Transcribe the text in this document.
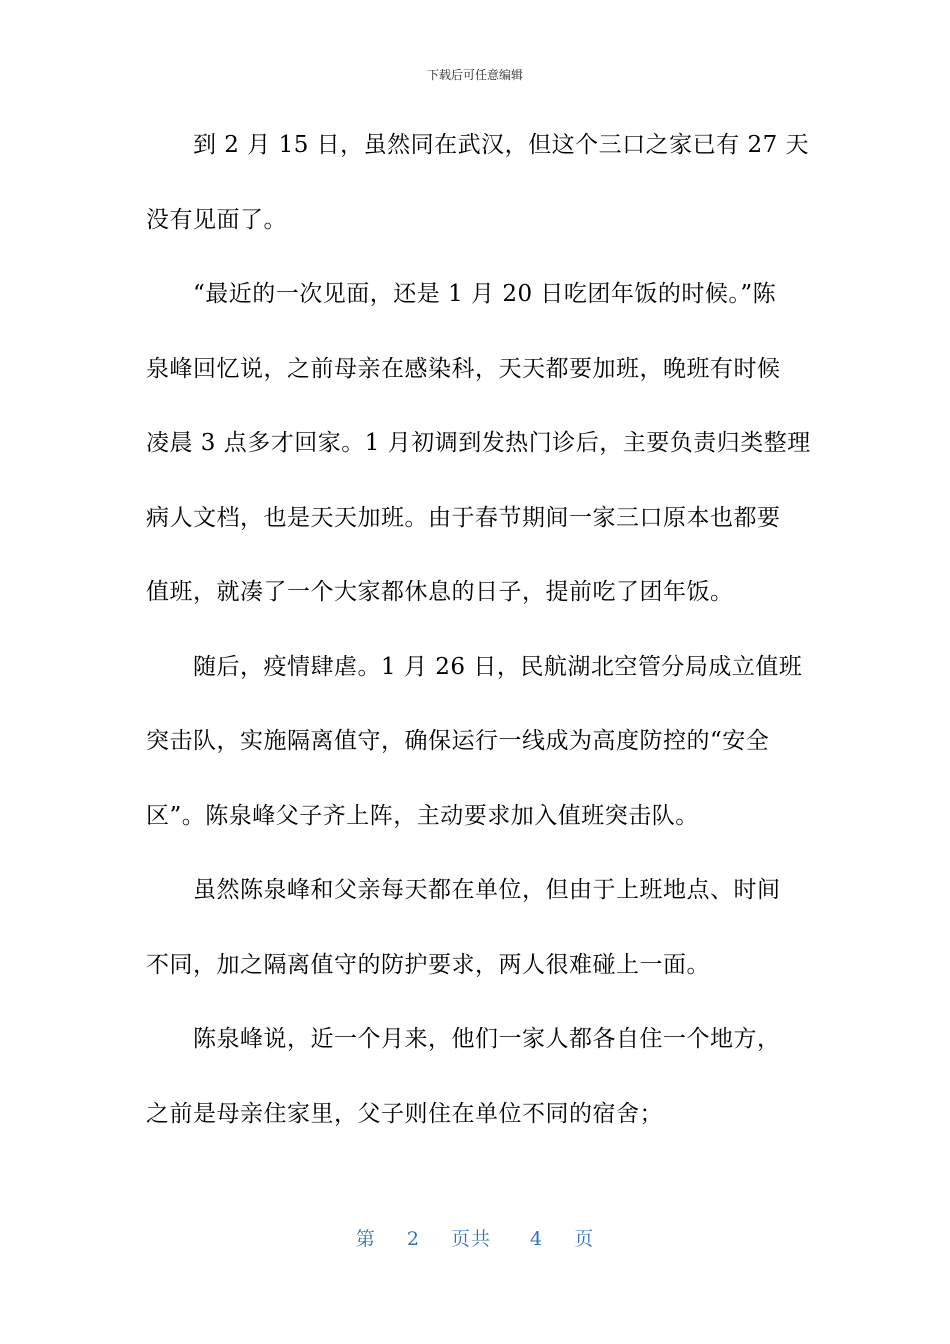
下载后可任意编辑
到 2 月 15 日，虽然同在武汉，但这个三口之家已有 27 天
没有见面了。
“最近的一次见面，还是 1 月 20 日吃团年饭的时候。”陈
泉峰回忆说，之前母亲在感染科，天天都要加班，晚班有时候
凌晨 3 点多才回家。1 月初调到发热门诊后，主要负责归类整理
病人文档，也是天天加班。由于春节期间一家三口原本也都要
值班，就凑了一个大家都休息的日子，提前吃了团年饭。
随后，疫情肆虐。1 月 26 日，民航湖北空管分局成立值班
突击队，实施隔离值守，确保运行一线成为高度防控的“安全
区”。陈泉峰父子齐上阵，主动要求加入值班突击队。
虽然陈泉峰和父亲每天都在单位，但由于上班地点、时间
不同，加之隔离值守的防护要求，两人很难碰上一面。
陈泉峰说，近一个月来，他们一家人都各自住一个地方，
之前是母亲住家里，父子则住在单位不同的宿舍；
第 2 页共 4 页
